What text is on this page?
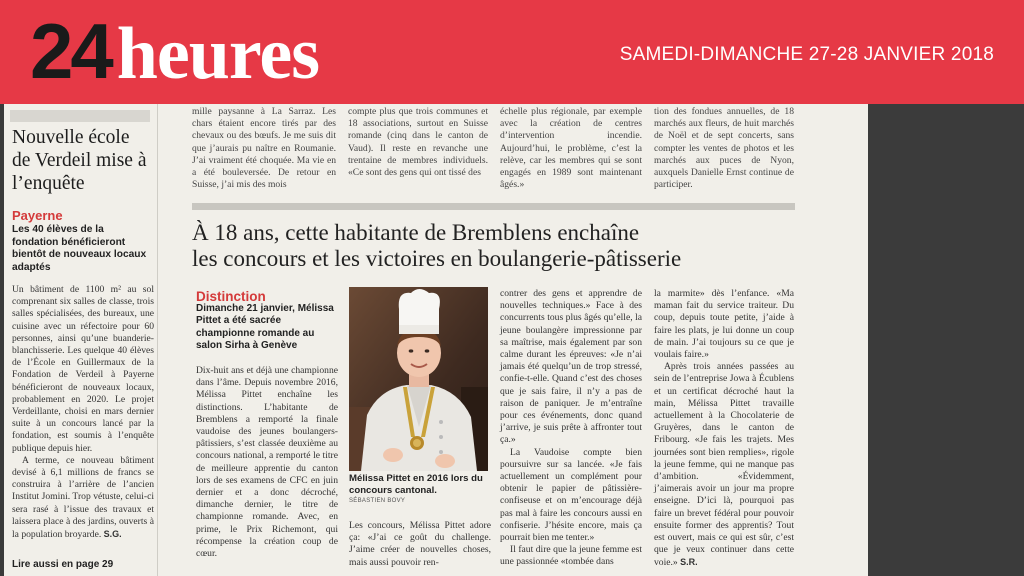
24 heures	SAMEDI-DIMANCHE 27-28 JANVIER 2018
Nouvelle école de Verdeil mise à l’enquête
Payerne
Les 40 élèves de la fondation bénéficieront bientôt de nouveaux locaux adaptés

Un bâtiment de 1100 m² au sol comprenant six salles de classe, trois salles spécialisées, des bureaux, une cuisine avec un réfectoire pour 60 personnes, ainsi qu’une buanderie-blanchisserie. Les quelque 40 élèves de l’École en Guillermaux de la Fondation de Verdeil à Payerne bénéficieront de nouveaux locaux, probablement en 2020. Le projet Verdeillante, choisi en mars dernier suite à un concours lancé par la fondation, est soumis à l’enquête publique depuis hier.

A terme, ce nouveau bâtiment devisé à 6,1 millions de francs se construira à l’arrière de l’ancien Institut Jomini. Trop vétuste, celui-ci sera rasé à l’issue des travaux et laissera place à des jardins, ouverts à la population broyarde. S.G.

Lire aussi en page 29
mille paysanne à La Sarraz. Les chars étaient encore tirés par des chevaux ou des bœufs. Je me suis dit que j’aurais pu naître en Roumanie. J’ai vraiment été choquée. Ma vie en a été bouleversée. De retour en Suisse, j’ai mis des mois
compte plus que trois communes et 18 associations, surtout en Suisse romande (cinq dans le canton de Vaud). Il reste en revanche une trentaine de membres individuels. «Ce sont des gens qui ont tissé des
échelle plus régionale, par exemple avec la création de centres d’intervention incendie. Aujourd’hui, le problème, c’est la relève, car les membres qui se sont engagés en 1989 sont maintenant âgés.»
tion des fondues annuelles, de 18 marchés aux fleurs, de huit marchés de Noël et de sept concerts, sans compter les ventes de photos et les marchés aux puces de Nyon, auxquels Danielle Ernst continue de participer.
À 18 ans, cette habitante de Bremblens enchaîne
les concours et les victoires en boulangerie-pâtisserie
Distinction
Dimanche 21 janvier, Mélissa Pittet a été sacrée championne romande au salon Sirha à Genève
Dix-huit ans et déjà une championne dans l’âme. Depuis novembre 2016, Mélissa Pittet enchaîne les distinctions. L’habitante de Bremblens a remporté la finale vaudoise des jeunes boulangers-pâtissiers, s’est classée deuxième au concours national, a remporté le titre de meilleure apprentie du canton lors de ses examens de CFC en juin dernier et a donc décroché, dimanche dernier, le titre de championne romande. Avec, en prime, le Prix Richemont, qui récompense la création coup de cœur.
Mélissa Pittet en 2016 lors du concours cantonal.
SÉBASTIEN BOVY
Les concours, Mélissa Pittet adore ça: «J’ai ce goût du challenge. J’aime créer de nouvelles choses, mais aussi pouvoir ren-

contrer des gens et apprendre de nouvelles techniques.» Face à des concurrents tous plus âgés qu’elle, la jeune boulangère impressionne par sa maîtrise, mais également par son calme durant les épreuves: «Je n’ai jamais été quelqu’un de trop stressé, confie-t-elle. Quand c’est des choses que je sais faire, il n’y a pas de raison de paniquer. Je m’entraîne pour ces événements, donc quand j’arrive, je suis prête à affronter tout ça.»

La Vaudoise compte bien poursuivre sur sa lancée. «Je fais actuellement un complément pour obtenir le papier de pâtissière-confiseuse et on m’encourage déjà pas mal à faire les concours aussi en confiserie. J’hésite encore, mais ça pourrait bien me tenter.»

Il faut dire que la jeune femme est une passionnée «tombée dans

la marmite» dès l’enfance. «Ma maman fait du service traiteur. Du coup, depuis toute petite, j’aide à faire les plats, je lui donne un coup de main. J’ai toujours su ce que je voulais faire.»

Après trois années passées au sein de l’entreprise Jowa à Écublens et un certificat décroché haut la main, Mélissa Pittet travaille actuellement à la Chocolaterie de Gruyères, dans le canton de Fribourg. «Je fais les trajets. Mes journées sont bien remplies», rigole la jeune femme, qui ne manque pas d’ambition. «Évidemment, j’aimerais avoir un jour ma propre enseigne. D’ici là, pourquoi pas faire un brevet fédéral pour pouvoir ensuite former des apprentis? Tout est ouvert, mais ce qui est sûr, c’est que je veux continuer dans cette voie.» S.R.
